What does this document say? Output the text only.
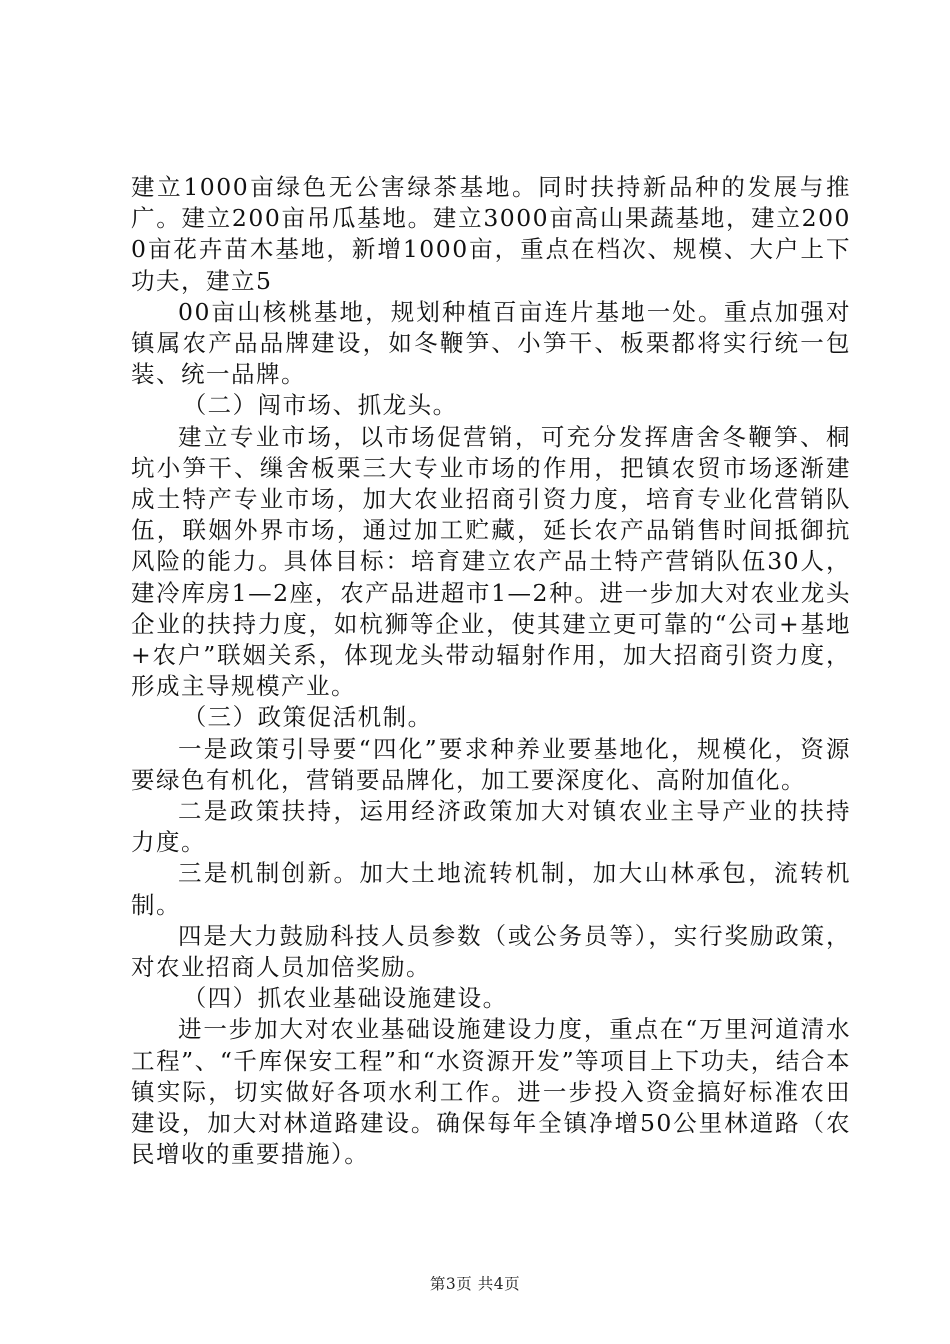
建立1000亩绿色无公害绿茶基地。同时扶持新品种的发展与推广。建立200亩吊瓜基地。建立3000亩高山果蔬基地，建立2000亩花卉苗木基地，新增1000亩，重点在档次、规模、大户上下功夫，建立5

00亩山核桃基地，规划种植百亩连片基地一处。重点加强对镇属农产品品牌建设，如冬鞭笋、小笋干、板栗都将实行统一包装、统一品牌。

（二）闯市场、抓龙头。

建立专业市场，以市场促营销，可充分发挥唐舍冬鞭笋、桐坑小笋干、缫舍板栗三大专业市场的作用，把镇农贸市场逐渐建成土特产专业市场，加大农业招商引资力度，培育专业化营销队伍，联姻外界市场，通过加工贮藏，延长农产品销售时间抵御抗风险的能力。具体目标：培育建立农产品土特产营销队伍30人，建冷库房1—2座，农产品进超市1—2种。进一步加大对农业龙头企业的扶持力度，如杭狮等企业，使其建立更可靠的“公司+基地+农户”联姻关系，体现龙头带动辐射作用，加大招商引资力度，形成主导规模产业。

（三）政策促活机制。

一是政策引导要“四化”要求种养业要基地化，规模化，资源要绿色有机化，营销要品牌化，加工要深度化、高附加值化。

二是政策扶持，运用经济政策加大对镇农业主导产业的扶持力度。

三是机制创新。加大土地流转机制，加大山林承包，流转机制。

四是大力鼓励科技人员参数（或公务员等），实行奖励政策，对农业招商人员加倍奖励。

（四）抓农业基础设施建设。

进一步加大对农业基础设施建设力度，重点在“万里河道清水工程”、“千库保安工程”和“水资源开发”等项目上下功夫，结合本镇实际，切实做好各项水利工作。进一步投入资金搞好标准农田建设，加大对林道路建设。确保每年全镇净增50公里林道路（农民增收的重要措施）。

第3页 共4页
